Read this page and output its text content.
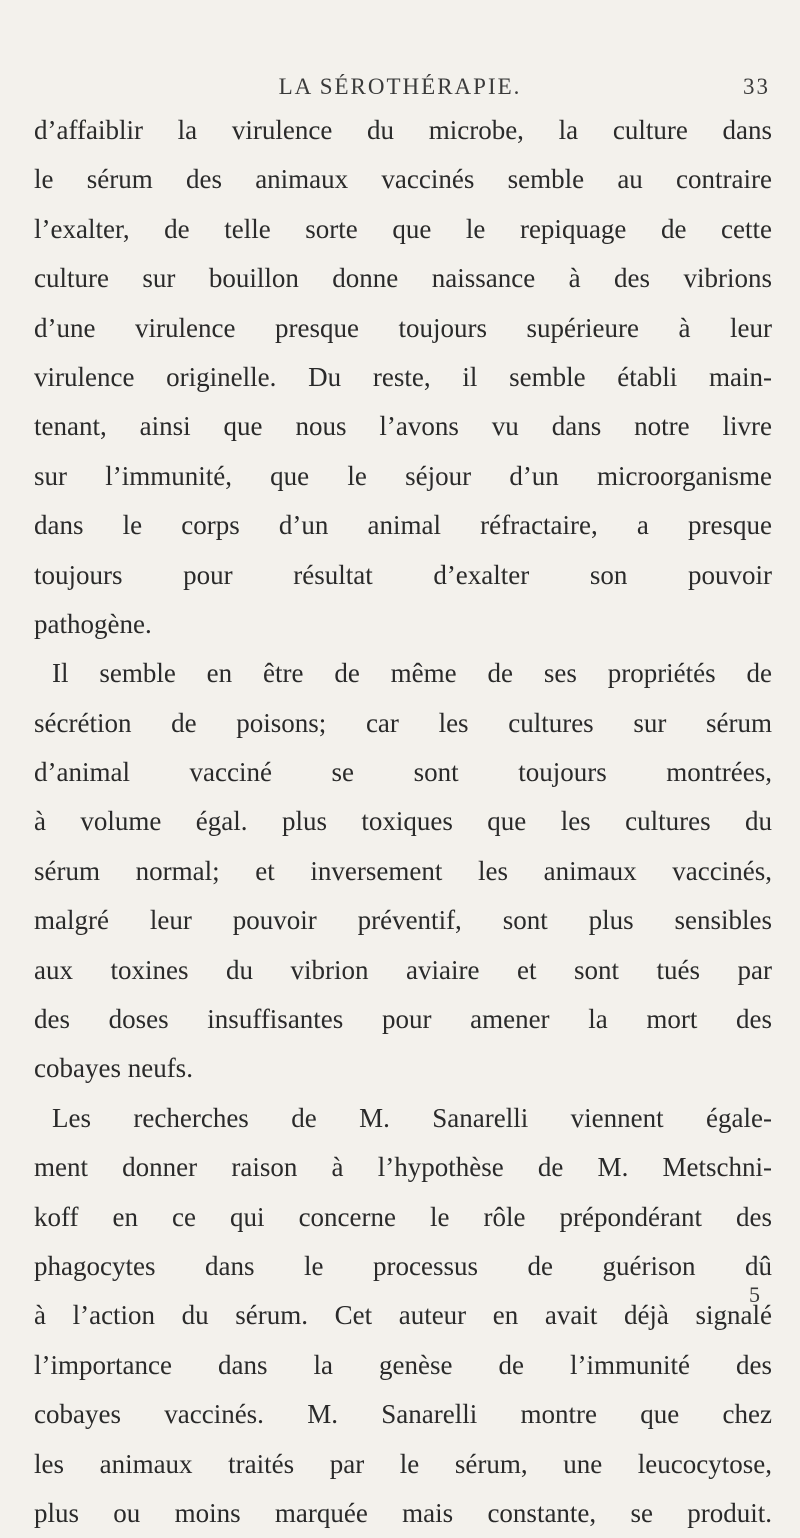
LA SÉROTHÉRAPIE.	33
d’affaiblir la virulence du microbe, la culture dans
le sérum des animaux vaccinés semble au contraire
l’exalter, de telle sorte que le repiquage de cette
culture sur bouillon donne naissance à des vibrions
d’une virulence presque toujours supérieure à leur
virulence originelle. Du reste, il semble établi main-
tenant, ainsi que nous l’avons vu dans notre livre
sur l’immunité, que le séjour d’un microorganisme
dans le corps d’un animal réfractaire, a presque
toujours pour résultat d’exalter son pouvoir
pathogène.
Il semble en être de même de ses propriétés de
sécrétion de poisons; car les cultures sur sérum
d’animal vacciné se sont toujours montrées,
à volume égal. plus toxiques que les cultures du
sérum normal; et inversement les animaux vaccinés,
malgré leur pouvoir préventif, sont plus sensibles
aux toxines du vibrion aviaire et sont tués par
des doses insuffisantes pour amener la mort des
cobayes neufs.
Les recherches de M. Sanarelli viennent égale-
ment donner raison à l’hypothèse de M. Metschni-
koff en ce qui concerne le rôle prépondérant des
phagocytes dans le processus de guérison dû
à l’action du sérum. Cet auteur en avait déjà signalé
l’importance dans la genèse de l’immunité des
cobayes vaccinés. M. Sanarelli montre que chez
les animaux traités par le sérum, une leucocytose,
plus ou moins marquée mais constante, se produit.
5
